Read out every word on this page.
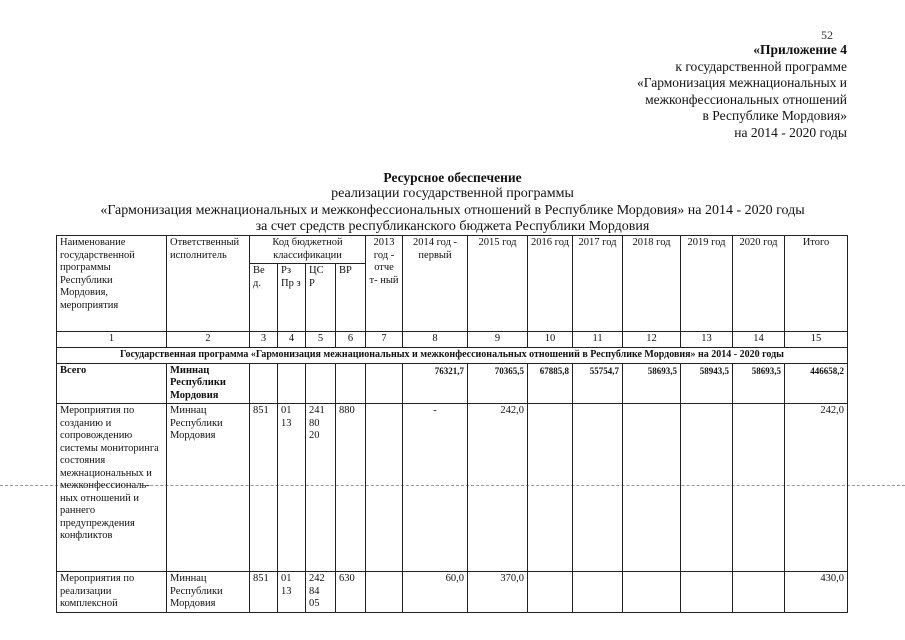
52
«Приложение 4
к государственной программе
«Гармонизация межнациональных и
межконфессиональных отношений
в Республике Мордовия»
на 2014 - 2020 годы
Ресурсное обеспечение
реализации государственной программы
«Гармонизация межнациональных и межконфессиональных отношений в Республике Мордовия» на 2014 - 2020 годы
за счет средств республиканского бюджета Республики Мордовия
Наименование государственной программы Республики Мордовия, мероприятия	Ответственный исполнитель	Код бюджетной классификации				2013 год - отче т- ный	2014 год - первый	2015 год	2016 год	2017 год	2018 год	2019 год	2020 год	Итого
		Ве д.	Рз Пр з	ЦС Р	ВР									
1	2	3	4	5	6	7	8	9	10	11	12	13	14	15
Государственная программа «Гармонизация межнациональных и межконфессиональных отношений в Республике Мордовия» на 2014 - 2020 годы														
Всего	Миннац Республики Мордовия						76321,7	70365,5	67885,8	55754,7	58693,5	58943,5	58693,5	446658,2
Мероприятия по созданию и сопровождению системы мониторинга состояния межнациональных и межконфессиональ- ных отношений и раннего предупреждения конфликтов	Миннац Республики Мордовия	851	01 13	241 80 20	880		-	242,0						242,0
Мероприятия по реализации комплексной	Миннац Республики Мордовия	851	01 13	242 84 05	630		60,0	370,0						430,0
